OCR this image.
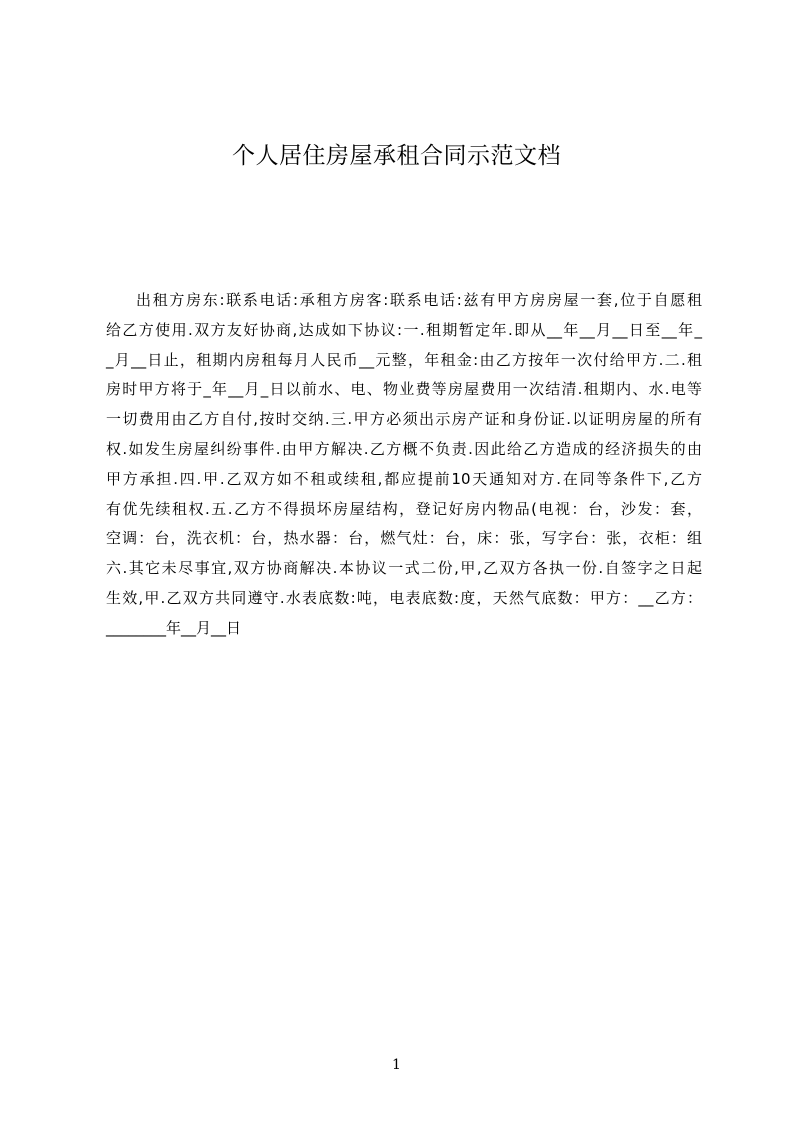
个人居住房屋承租合同示范文档
出租方房东:联系电话:承租方房客:联系电话:兹有甲方房房屋一套,位于自愿租
给乙方使用.双方友好协商,达成如下协议:一.租期暂定年.即从__年__月__日至__年_
_月__日止，租期内房租每月人民币__元整，年租金:由乙方按年一次付给甲方.二.租
房时甲方将于_年__月_日以前水、电、物业费等房屋费用一次结清.租期内、水.电等
一切费用由乙方自付,按时交纳.三.甲方必须出示房产证和身份证.以证明房屋的所有
权.如发生房屋纠纷事件.由甲方解决.乙方概不负责.因此给乙方造成的经济损失的由
甲方承担.四.甲.乙双方如不租或续租,都应提前10天通知对方.在同等条件下,乙方
有优先续租权.五.乙方不得损坏房屋结构，登记好房内物品(电视：台，沙发：套，
空调：台，洗衣机：台，热水器：台，燃气灶：台，床：张，写字台：张，衣柜：组
六.其它未尽事宜,双方协商解决.本协议一式二份,甲,乙双方各执一份.自签字之日起
生效,甲.乙双方共同遵守.水表底数:吨，电表底数:度，天然气底数：甲方：__乙方：
________年__月__日
1
